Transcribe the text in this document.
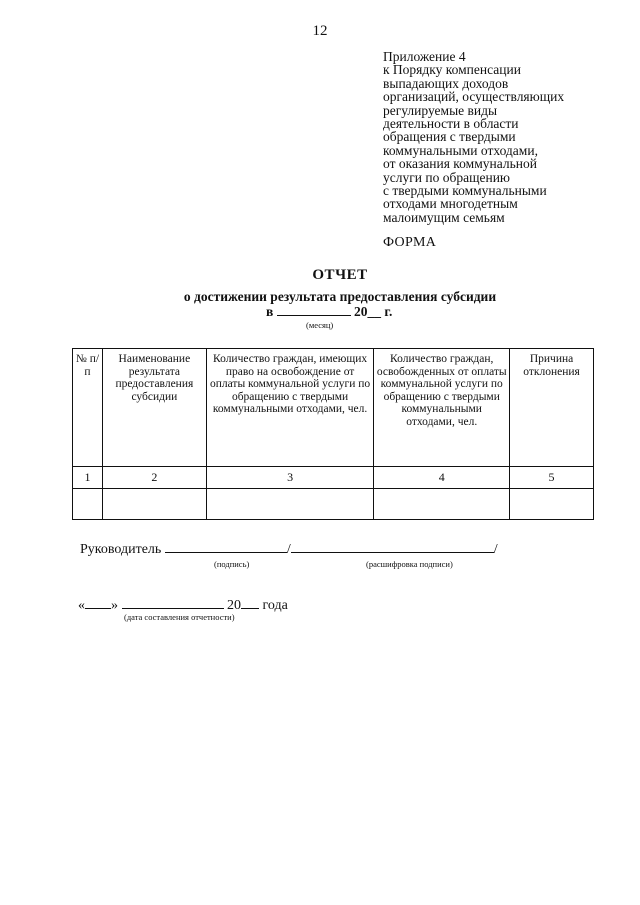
12
Приложение 4
к Порядку компенсации
выпадающих доходов
организаций, осуществляющих
регулируемые виды
деятельности в области
обращения с твердыми
коммунальными отходами,
от оказания коммунальной
услуги по обращению
с твердыми коммунальными
отходами многодетным
малоимущим семьям
ФОРМА
ОТЧЕТ
о достижении результата предоставления субсидии
в	20__ г.
(месяц)
№ п/п	Наименование результата предоставления субсидии	Количество граждан, имеющих право на освобождение от оплаты коммунальной услуги по обращению с твердыми коммунальными отходами, чел.	Количество граждан, освобожденных от оплаты коммунальной услуги по обращению с твердыми коммунальными отходами, чел.	Причина отклонения
1	2	3	4	5

Руководитель	/	/
(подпись)	(расшифровка подписи)
« »	20 года
(дата составления отчетности)
